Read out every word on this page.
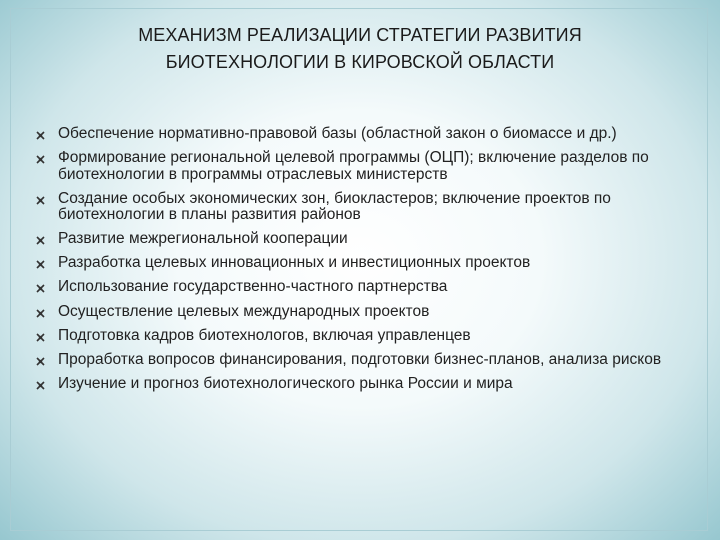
МЕХАНИЗМ РЕАЛИЗАЦИИ СТРАТЕГИИ РАЗВИТИЯ
БИОТЕХНОЛОГИИ В КИРОВСКОЙ ОБЛАСТИ
Обеспечение нормативно-правовой базы (областной закон о биомассе и др.)
Формирование региональной целевой программы (ОЦП); включение разделов по биотехнологии в программы отраслевых министерств
Создание особых экономических зон, биокластеров; включение проектов по биотехнологии в планы развития районов
Развитие межрегиональной кооперации
Разработка целевых инновационных и инвестиционных проектов
Использование государственно-частного партнерства
Осуществление целевых международных проектов
Подготовка кадров биотехнологов, включая управленцев
Проработка вопросов финансирования, подготовки бизнес-планов, анализа рисков
Изучение и прогноз биотехнологического рынка России и мира
